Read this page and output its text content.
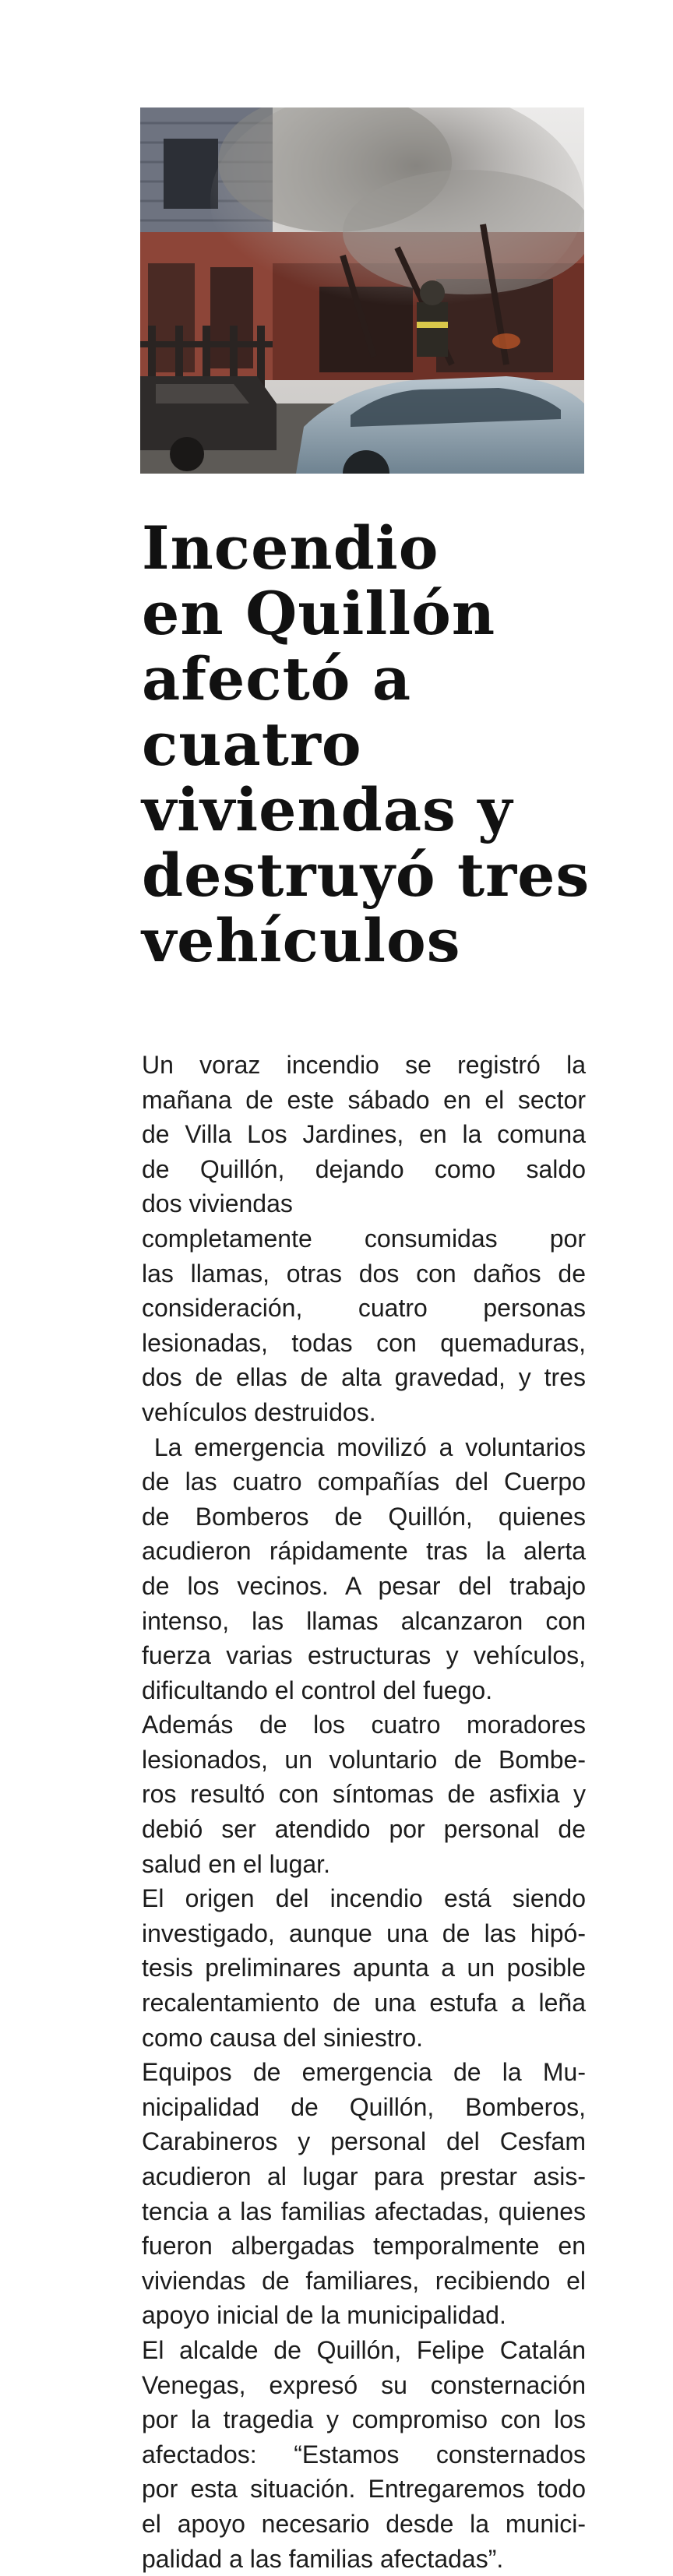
Incendio
en Quillón
afectó a
cuatro
viviendas y
destruyó tres
vehículos
Un voraz incendio se registró la
mañana de este sábado en el sector
de Villa Los Jardines, en la comuna
de Quillón, dejando como saldo
dos viviendas
completamente consumidas por
las llamas, otras dos con daños de
consideración, cuatro personas
lesionadas, todas con quemaduras,
dos de ellas de alta gravedad, y tres
vehículos destruidos.
La emergencia movilizó a voluntarios
de las cuatro compañías del Cuerpo
de Bomberos de Quillón, quienes
acudieron rápidamente tras la alerta
de los vecinos. A pesar del trabajo
intenso, las llamas alcanzaron con
fuerza varias estructuras y vehículos,
dificultando el control del fuego.
Además de los cuatro moradores
lesionados, un voluntario de Bombe-
ros resultó con síntomas de asfixia y
debió ser atendido por personal de
salud en el lugar.
El origen del incendio está siendo
investigado, aunque una de las hipó-
tesis preliminares apunta a un posible
recalentamiento de una estufa a leña
como causa del siniestro.
Equipos de emergencia de la Mu-
nicipalidad de Quillón, Bomberos,
Carabineros y personal del Cesfam
acudieron al lugar para prestar asis-
tencia a las familias afectadas, quienes
fueron albergadas temporalmente en
viviendas de familiares, recibiendo el
apoyo inicial de la municipalidad.
El alcalde de Quillón, Felipe Catalán
Venegas, expresó su consternación
por la tragedia y compromiso con los
afectados: “Estamos consternados
por esta situación. Entregaremos todo
el apoyo necesario desde la munici-
palidad a las familias afectadas”.
